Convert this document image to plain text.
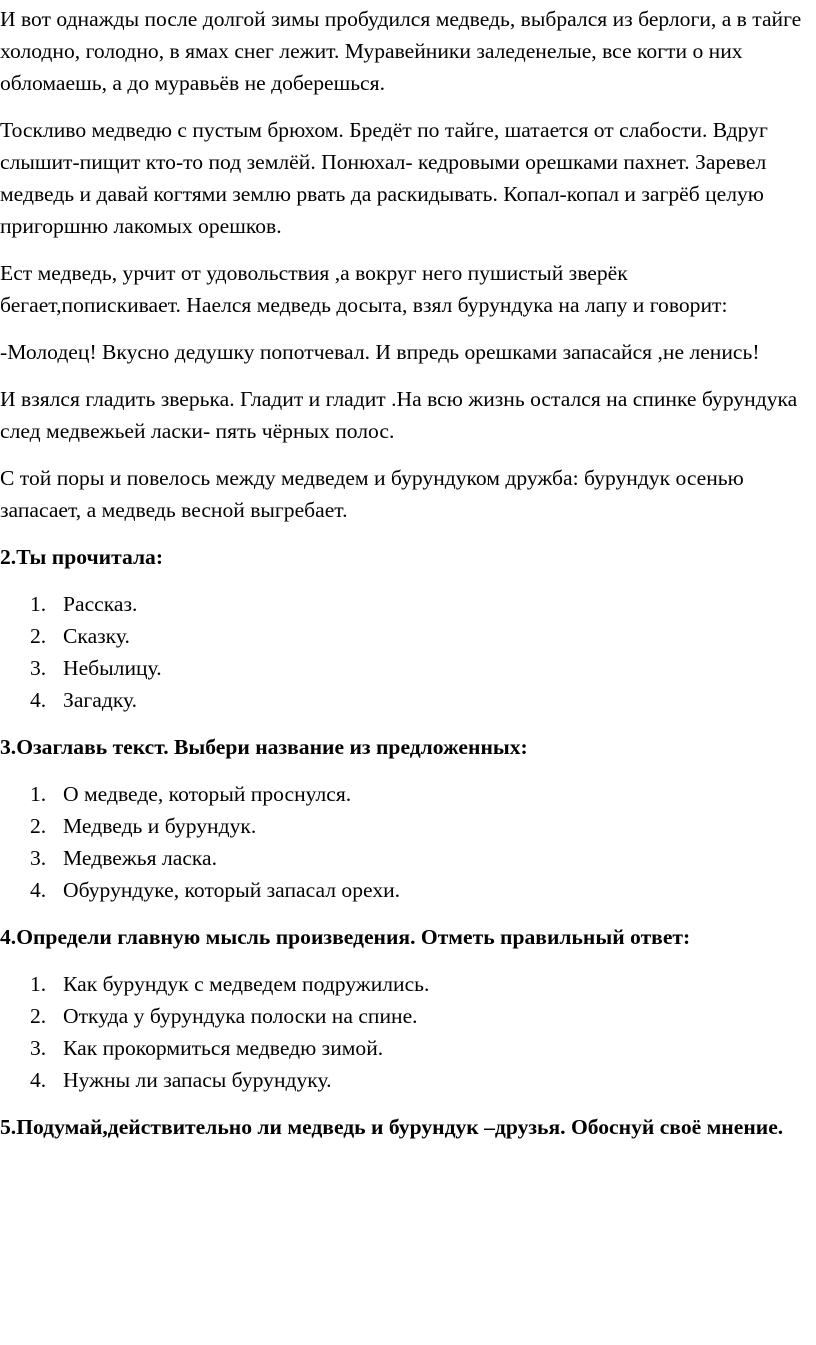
И вот однажды после долгой зимы пробудился медведь, выбрался из берлоги, а в тайге холодно, голодно, в ямах снег лежит. Муравейники заледенелые, все когти о них обломаешь, а до муравьёв не доберешься.

Тоскливо медведю с пустым брюхом. Бредёт по тайге, шатается от слабости. Вдруг слышит-пищит кто-то под землёй. Понюхал- кедровыми орешками пахнет. Заревел медведь и давай когтями землю рвать да раскидывать. Копал-копал и загрёб целую пригоршню лакомых орешков.

Ест медведь, урчит от удовольствия ,а вокруг него пушистый зверёк бегает,попискивает. Наелся медведь досыта, взял бурундука на лапу и говорит:

-Молодец! Вкусно дедушку попотчевал. И впредь орешками запасайся ,не ленись!

И взялся гладить зверька. Гладит и гладит .На всю жизнь остался на спинке бурундука след медвежьей ласки- пять чёрных полос.

С той поры и повелось между медведем и бурундуком дружба: бурундук осенью запасает, а медведь весной выгребает.

2.Ты прочитала:

1. Рассказ.
2. Сказку.
3. Небылицу.
4. Загадку.

3.Озаглавь текст. Выбери название из предложенных:

1. О медведе, который проснулся.
2. Медведь и бурундук.
3. Медвежья ласка.
4. Обурундуке, который запасал орехи.

4.Определи главную мысль произведения. Отметь правильный ответ:

1. Как бурундук с медведем подружились.
2. Откуда у бурундука полоски на спине.
3. Как прокормиться медведю зимой.
4. Нужны ли запасы бурундуку.

5.Подумай,действительно ли медведь и бурундук –друзья. Обоснуй своё мнение.
